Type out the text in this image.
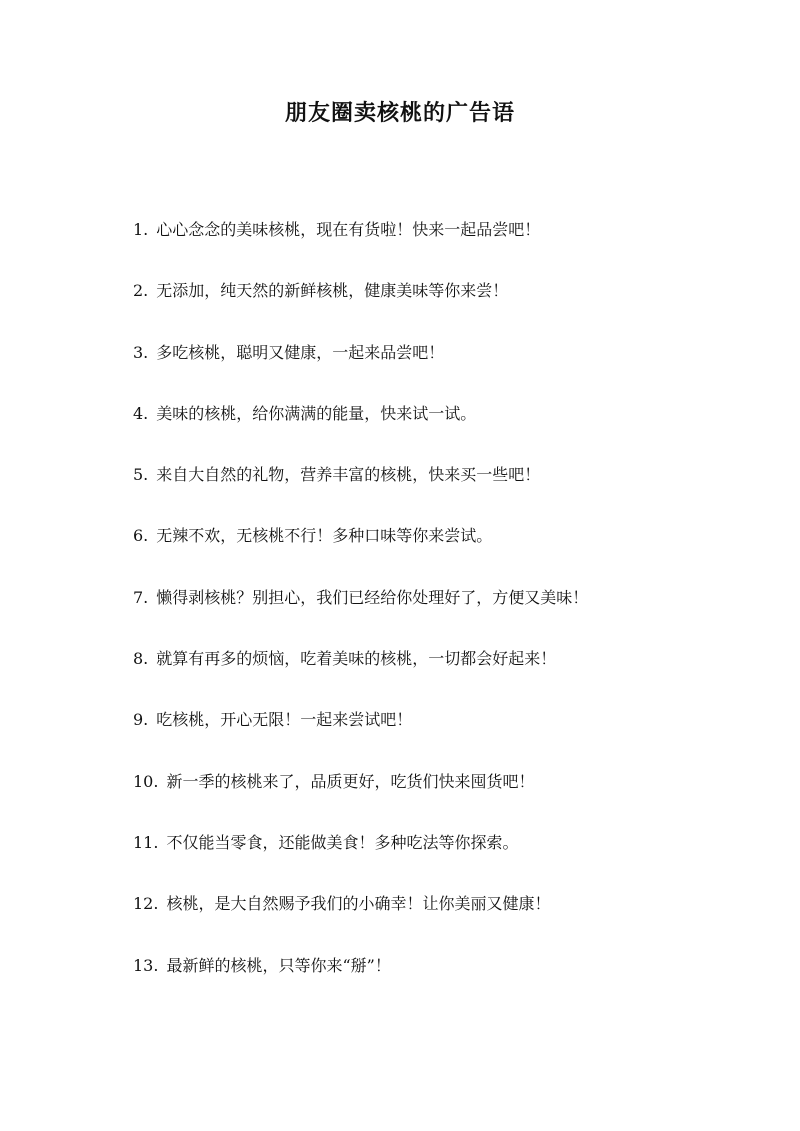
朋友圈卖核桃的广告语
1. 心心念念的美味核桃，现在有货啦！快来一起品尝吧！
2. 无添加，纯天然的新鲜核桃，健康美味等你来尝！
3. 多吃核桃，聪明又健康，一起来品尝吧！
4. 美味的核桃，给你满满的能量，快来试一试。
5. 来自大自然的礼物，营养丰富的核桃，快来买一些吧！
6. 无辣不欢，无核桃不行！多种口味等你来尝试。
7. 懒得剥核桃？别担心，我们已经给你处理好了，方便又美味！
8. 就算有再多的烦恼，吃着美味的核桃，一切都会好起来！
9. 吃核桃，开心无限！一起来尝试吧！
10. 新一季的核桃来了，品质更好，吃货们快来囤货吧！
11. 不仅能当零食，还能做美食！多种吃法等你探索。
12. 核桃，是大自然赐予我们的小确幸！让你美丽又健康！
13. 最新鲜的核桃，只等你来“掰”！
